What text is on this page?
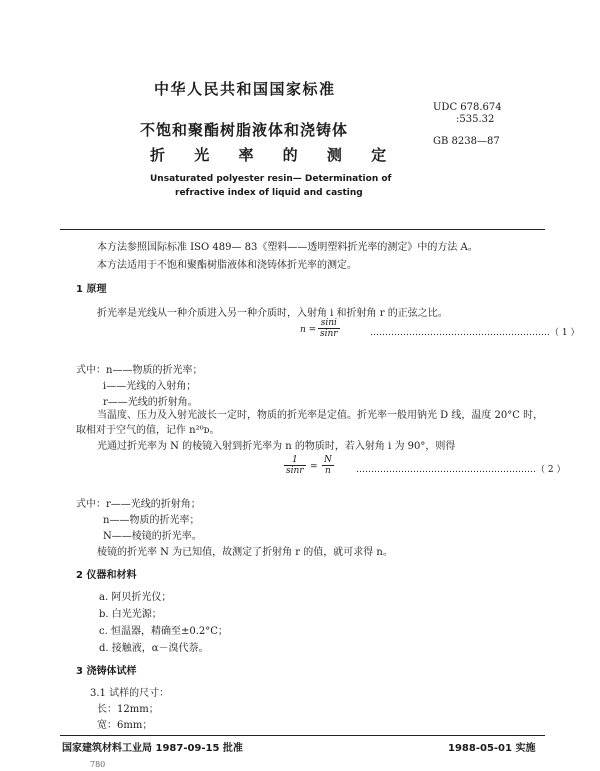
中华人民共和国国家标准
UDC 678.674
:535.32
GB 8238—87
不饱和聚酯树脂液体和浇铸体
折 光 率 的 测 定
Unsaturated polyester resin— Determination of
refractive index of liquid and casting
本方法参照国际标准 ISO 489— 83《塑料——透明塑料折光率的测定》中的方法 A。
本方法适用于不饱和聚酯树脂液体和浇铸体折光率的测定。
1 原理
折光率是光线从一种介质进入另一种介质时，入射角 i 和折射角 r 的正弦之比。
$n = \frac{\sin i}{\sin r}$	……………………………………………………（ 1 ）
式中：n——物质的折光率；
i——光线的入射角；
r——光线的折射角。
当温度、压力及入射光波长一定时，物质的折光率是定值。折光率一般用钠光 D 线，温度 20°C 时，
取相对于空气的值，记作 n²⁰ᴅ。
光通过折光率为 N 的棱镜入射到折光率为 n 的物质时，若入射角 i 为 90°，则得
$\frac{1}{\sin r} = \frac{N}{n}$ ……………………………………………………（ 2 ）
式中：r——光线的折射角；
n——物质的折光率；
N——棱镜的折光率。
棱镜的折光率 N 为已知值，故测定了折射角 r 的值，就可求得 n。
2 仪器和材料
a. 阿贝折光仪；
b. 白光光源；
c. 恒温器，精确至±0.2°C；
d. 接触液，α－溴代萘。
3 浇铸体试样
3.1 试样的尺寸：
长：12mm；
宽：6mm；
国家建筑材料工业局 1987-09-15 批准	1988-05-01 实施
780
